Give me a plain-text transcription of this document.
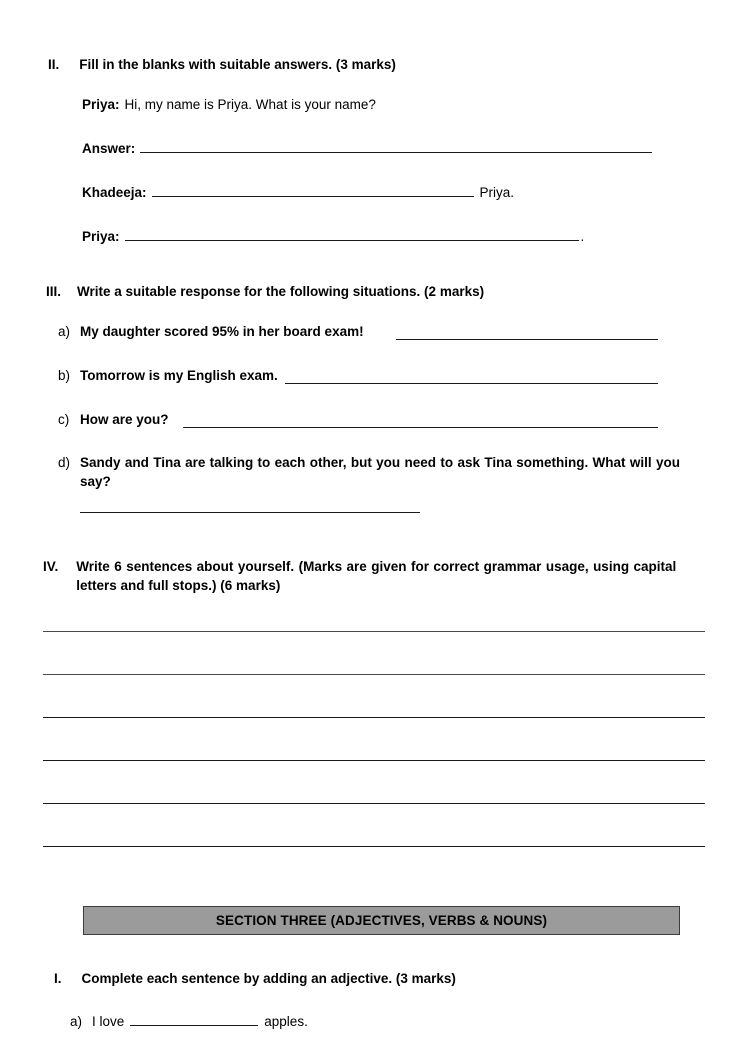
II. Fill in the blanks with suitable answers. (3 marks)
Priya: Hi, my name is Priya. What is your name?
Answer:
Khadeeja:	Priya.
Priya:	.
III. Write a suitable response for the following situations. (2 marks)
a) My daughter scored 95% in her board exam!
b) Tomorrow is my English exam.
c) How are you?
d) Sandy and Tina are talking to each other, but you need to ask Tina something. What will you say?
IV. Write 6 sentences about yourself. (Marks are given for correct grammar usage, using capital letters and full stops.) (6 marks)
SECTION THREE (ADJECTIVES, VERBS & NOUNS)
I. Complete each sentence by adding an adjective. (3 marks)
a) I love	apples.
